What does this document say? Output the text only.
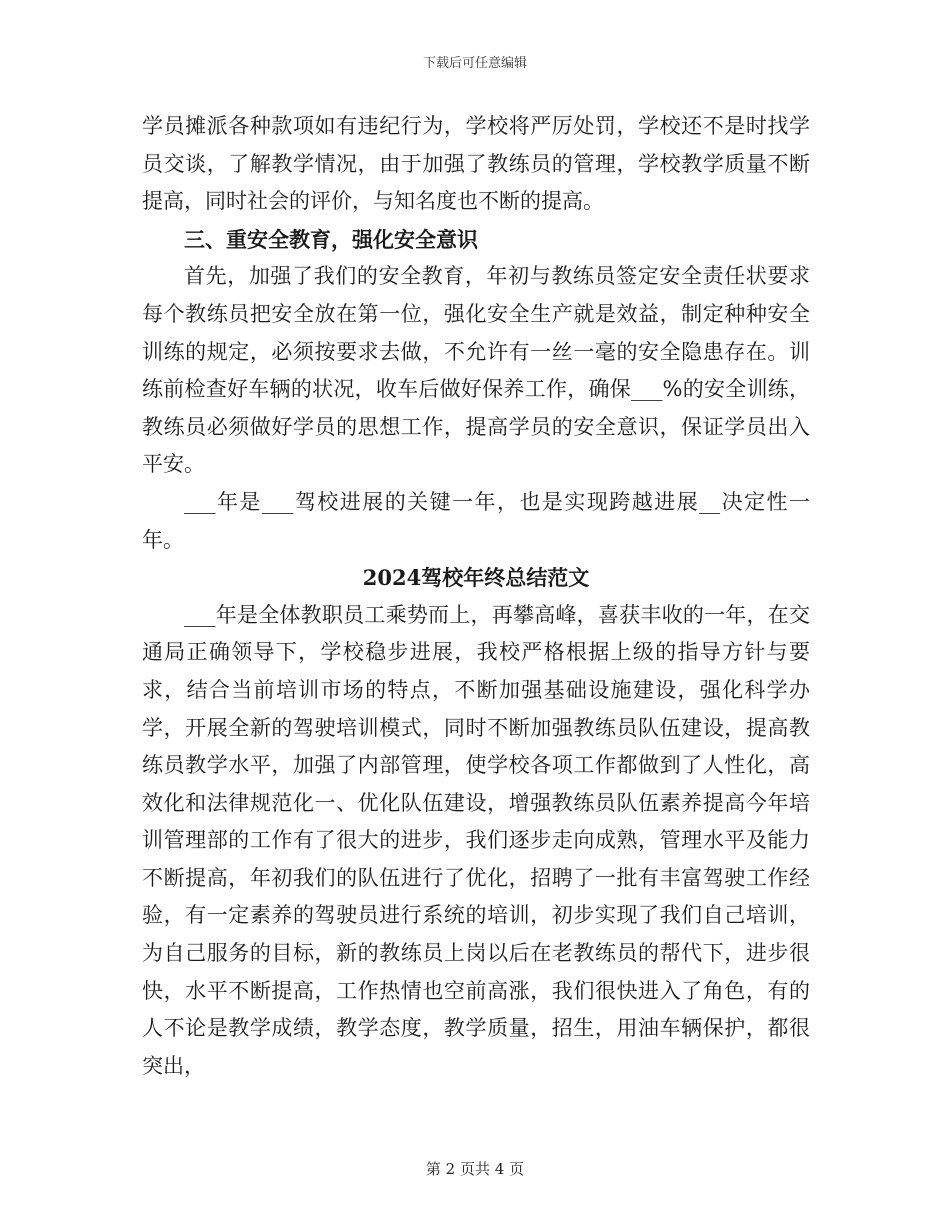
下载后可任意编辑

学员摊派各种款项如有违纪行为，学校将严厉处罚，学校还不是时找学员交谈，了解教学情况，由于加强了教练员的管理，学校教学质量不断提高，同时社会的评价，与知名度也不断的提高。

三、重安全教育，强化安全意识

首先，加强了我们的安全教育，年初与教练员签定安全责任状要求每个教练员把安全放在第一位，强化安全生产就是效益，制定种种安全训练的规定，必须按要求去做，不允许有一丝一毫的安全隐患存在。训练前检查好车辆的状况，收车后做好保养工作，确保___%的安全训练，教练员必须做好学员的思想工作，提高学员的安全意识，保证学员出入平安。

___年是___驾校进展的关键一年，也是实现跨越进展__决定性一年。

2024驾校年终总结范文

___年是全体教职员工乘势而上，再攀高峰，喜获丰收的一年，在交通局正确领导下，学校稳步进展，我校严格根据上级的指导方针与要求，结合当前培训市场的特点，不断加强基础设施建设，强化科学办学，开展全新的驾驶培训模式，同时不断加强教练员队伍建设，提高教练员教学水平，加强了内部管理，使学校各项工作都做到了人性化，高效化和法律规范化一、优化队伍建设，增强教练员队伍素养提高今年培训管理部的工作有了很大的进步，我们逐步走向成熟，管理水平及能力不断提高，年初我们的队伍进行了优化，招聘了一批有丰富驾驶工作经验，有一定素养的驾驶员进行系统的培训，初步实现了我们自己培训，为自己服务的目标，新的教练员上岗以后在老教练员的帮代下，进步很快，水平不断提高，工作热情也空前高涨，我们很快进入了角色，有的人不论是教学成绩，教学态度，教学质量，招生，用油车辆保护，都很突出，

第 2 页共 4 页
